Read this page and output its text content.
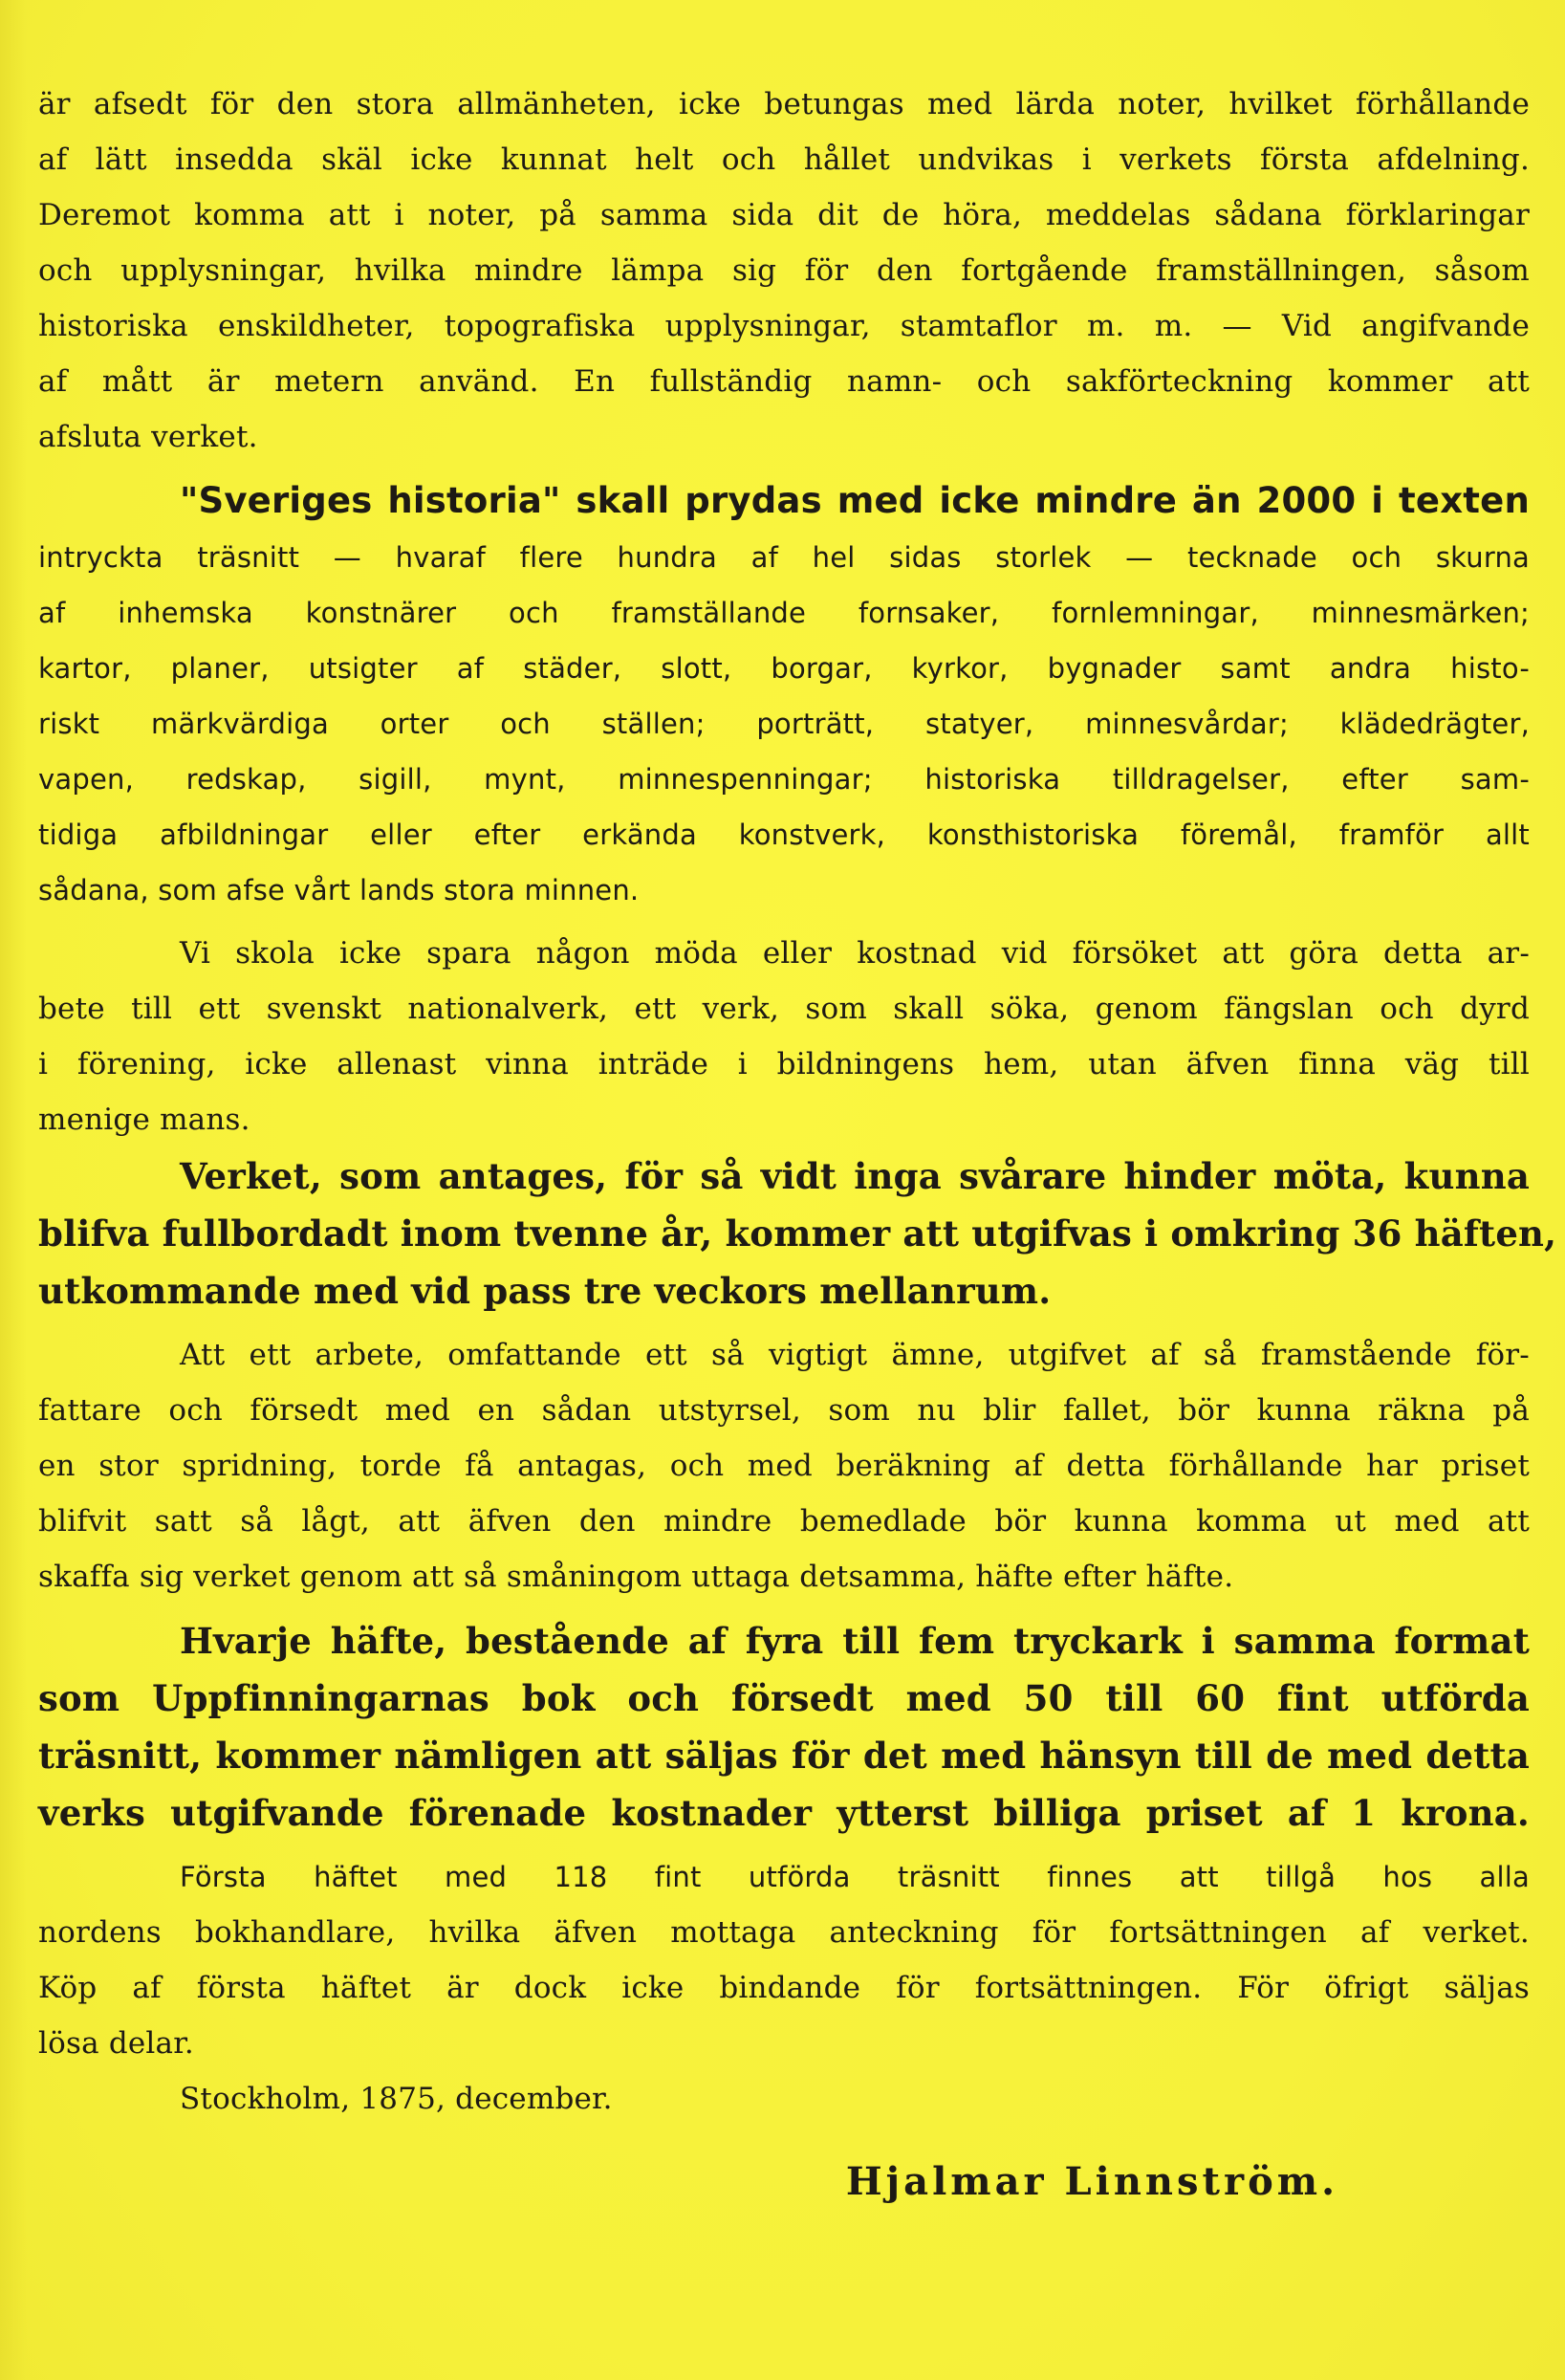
är afsedt för den stora allmänheten, icke betungas med lärda noter, hvilket förhållande
af lätt insedda skäl icke kunnat helt och hållet undvikas i verkets första afdelning.
Deremot komma att i noter, på samma sida dit de höra, meddelas sådana förklaringar
och upplysningar, hvilka mindre lämpa sig för den fortgående framställningen, såsom
historiska enskildheter, topografiska upplysningar, stamtaflor m. m. — Vid angifvande
af mått är metern använd. En fullständig namn- och sakförteckning kommer att
afsluta verket.
"Sveriges historia" skall prydas med icke mindre än 2000 i texten
intryckta träsnitt — hvaraf flere hundra af hel sidas storlek — tecknade och skurna
af inhemska konstnärer och framställande fornsaker, fornlemningar, minnesmärken;
kartor, planer, utsigter af städer, slott, borgar, kyrkor, bygnader samt andra histo-
riskt märkvärdiga orter och ställen; porträtt, statyer, minnesvårdar; klädedrägter,
vapen, redskap, sigill, mynt, minnespenningar; historiska tilldragelser, efter sam-
tidiga afbildningar eller efter erkända konstverk, konsthistoriska föremål, framför allt
sådana, som afse vårt lands stora minnen.
Vi skola icke spara någon möda eller kostnad vid försöket att göra detta ar-
bete till ett svenskt nationalverk, ett verk, som skall söka, genom fängslan och dyrd
i förening, icke allenast vinna inträde i bildningens hem, utan äfven finna väg till
menige mans.
Verket, som antages, för så vidt inga svårare hinder möta, kunna
blifva fullbordadt inom tvenne år, kommer att utgifvas i omkring 36 häften,
utkommande med vid pass tre veckors mellanrum.
Att ett arbete, omfattande ett så vigtigt ämne, utgifvet af så framstående för-
fattare och försedt med en sådan utstyrsel, som nu blir fallet, bör kunna räkna på
en stor spridning, torde få antagas, och med beräkning af detta förhållande har priset
blifvit satt så lågt, att äfven den mindre bemedlade bör kunna komma ut med att
skaffa sig verket genom att så småningom uttaga detsamma, häfte efter häfte.
Hvarje häfte, bestående af fyra till fem tryckark i samma format
som Uppfinningarnas bok och försedt med 50 till 60 fint utförda
träsnitt, kommer nämligen att säljas för det med hänsyn till de med detta
verks utgifvande förenade kostnader ytterst billiga priset af 1 krona.
Första häftet med 118 fint utförda träsnitt finnes att tillgå hos alla
nordens bokhandlare, hvilka äfven mottaga anteckning för fortsättningen af verket.
Köp af första häftet är dock icke bindande för fortsättningen. För öfrigt säljas
lösa delar.
Stockholm, 1875, december.
Hjalmar Linnström.
